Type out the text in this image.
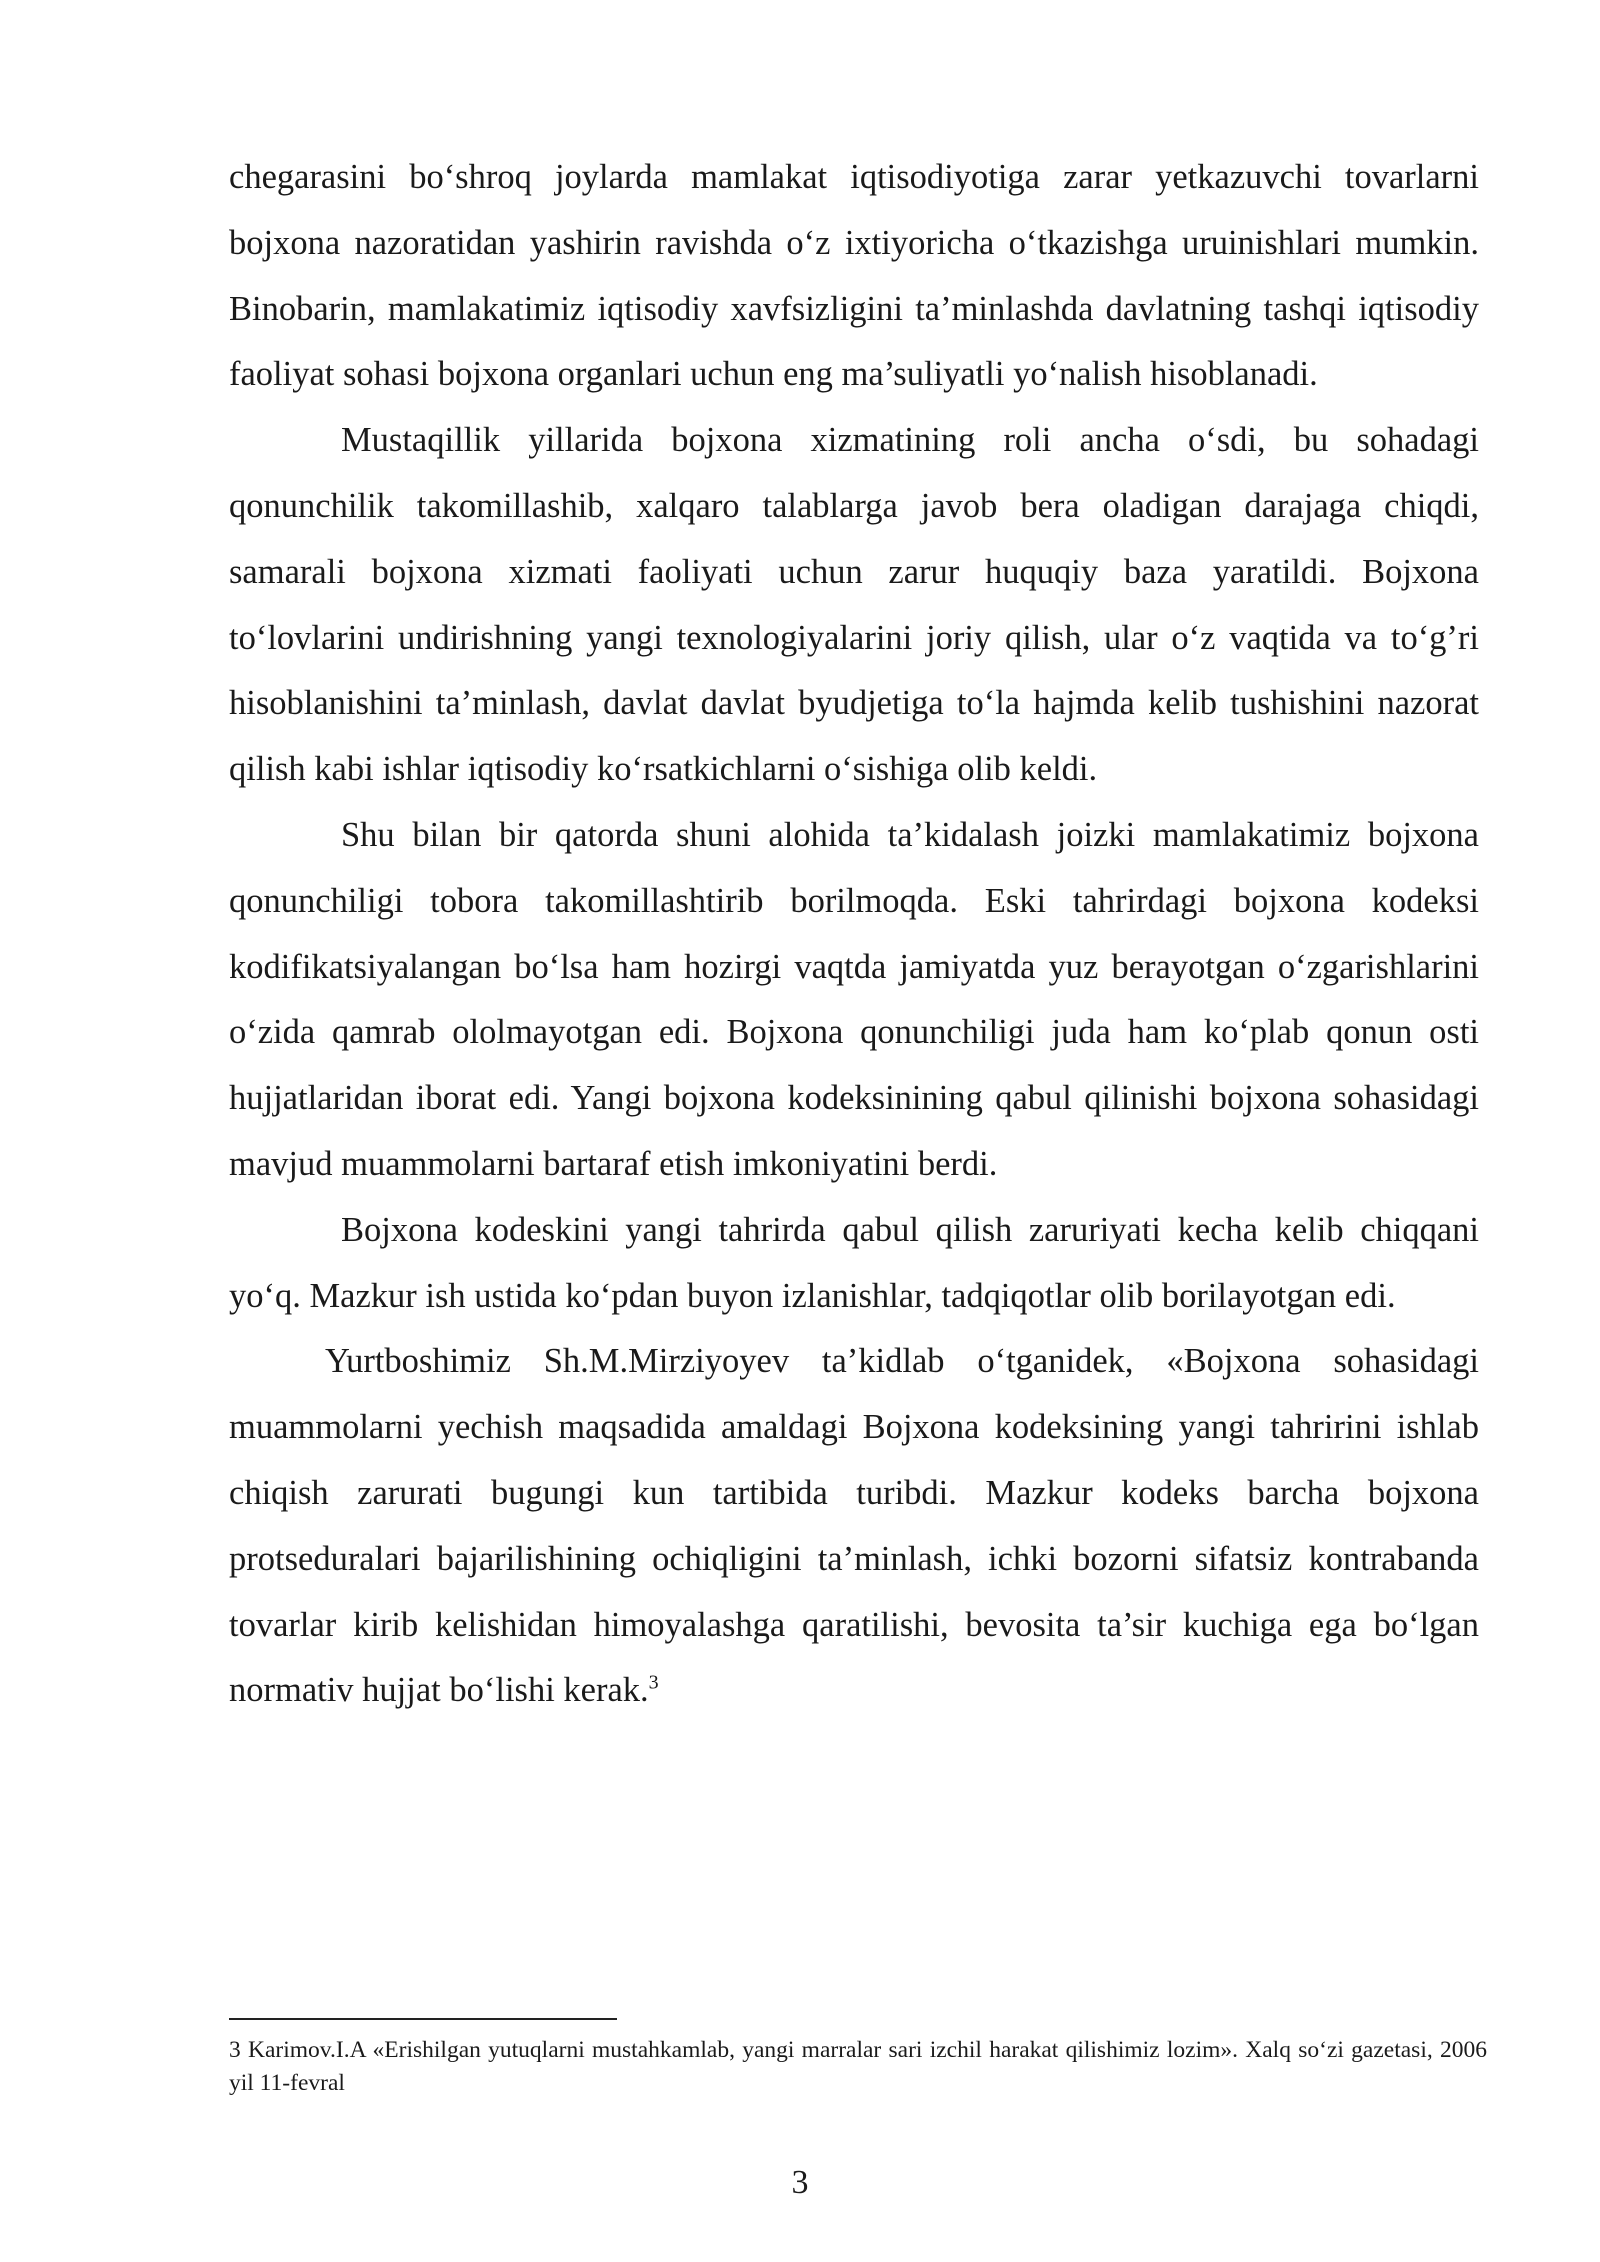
chegarasini bo‘shroq joylarda mamlakat iqtisodiyotiga zarar yetkazuvchi tovarlarni bojxona nazoratidan yashirin ravishda o‘z ixtiyoricha o‘tkazishga uruinishlari mumkin. Binobarin, mamlakatimiz iqtisodiy xavfsizligini ta’minlashda davlatning tashqi iqtisodiy faoliyat sohasi bojxona organlari uchun eng ma’suliyatli yo‘nalish hisoblanadi.

Mustaqillik yillarida bojxona xizmatining roli ancha o‘sdi, bu sohadagi qonunchilik takomillashib, xalqaro talablarga javob bera oladigan darajaga chiqdi, samarali bojxona xizmati faoliyati uchun zarur huquqiy baza yaratildi. Bojxona to‘lovlarini undirishning yangi texnologiyalarini joriy qilish, ular o‘z vaqtida va to‘g’ri hisoblanishini ta’minlash, davlat davlat byudjetiga to‘la hajmda kelib tushishini nazorat qilish kabi ishlar iqtisodiy ko‘rsatkichlarni o‘sishiga olib keldi.

Shu bilan bir qatorda shuni alohida ta’kidalash joizki mamlakatimiz bojxona qonunchiligi tobora takomillashtirib borilmoqda. Eski tahrirdagi bojxona kodeksi kodifikatsiyalangan bo‘lsa ham hozirgi vaqtda jamiyatda yuz berayotgan o‘zgarishlarini o‘zida qamrab ololmayotgan edi. Bojxona qonunchiligi juda ham ko‘plab qonun osti hujjatlaridan iborat edi. Yangi bojxona kodeksinining qabul qilinishi bojxona sohasidagi mavjud muammolarni bartaraf etish imkoniyatini berdi.

Bojxona kodeskini yangi tahrirda qabul qilish zaruriyati kecha kelib chiqqani yo‘q. Mazkur ish ustida ko‘pdan buyon izlanishlar, tadqiqotlar olib borilayotgan edi.

Yurtboshimiz Sh.M.Mirziyoyev ta’kidlab o‘tganidek, «Bojxona sohasidagi muammolarni yechish maqsadida amaldagi Bojxona kodeksining yangi tahririni ishlab chiqish zarurati bugungi kun tartibida turibdi. Mazkur kodeks barcha bojxona protseduralari bajarilishining ochiqligini ta’minlash, ichki bozorni sifatsiz kontrabanda tovarlar kirib kelishidan himoyalashga qaratilishi, bevosita ta’sir kuchiga ega bo‘lgan normativ hujjat bo‘lishi kerak.$^3$

3 Karimov.I.A «Erishilgan yutuqlarni mustahkamlab, yangi marralar sari izchil harakat qilishimiz lozim». Xalq so‘zi gazetasi, 2006 yil 11-fevral

3
